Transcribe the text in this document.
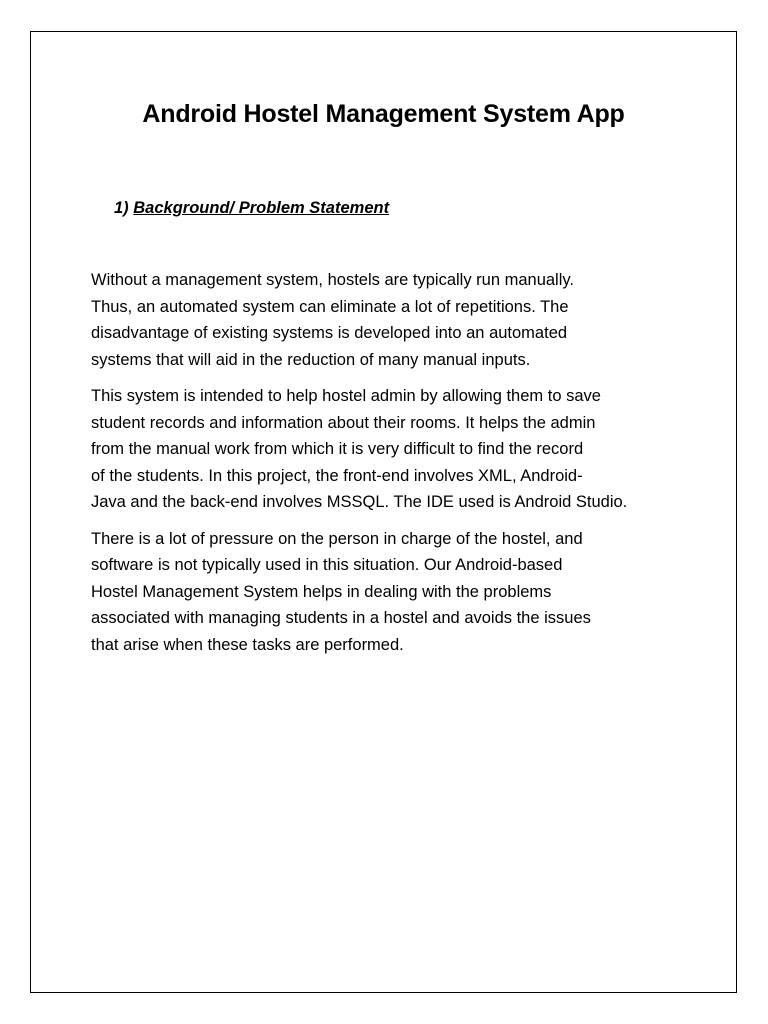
Android Hostel Management System App
1) Background/ Problem Statement

Without a management system, hostels are typically run manually.
Thus, an automated system can eliminate a lot of repetitions. The
disadvantage of existing systems is developed into an automated
systems that will aid in the reduction of many manual inputs.

This system is intended to help hostel admin by allowing them to save
student records and information about their rooms. It helps the admin
from the manual work from which it is very difficult to find the record
of the students. In this project, the front-end involves XML, Android-
Java and the back-end involves MSSQL. The IDE used is Android Studio.

There is a lot of pressure on the person in charge of the hostel, and
software is not typically used in this situation. Our Android-based
Hostel Management System helps in dealing with the problems
associated with managing students in a hostel and avoids the issues
that arise when these tasks are performed.
